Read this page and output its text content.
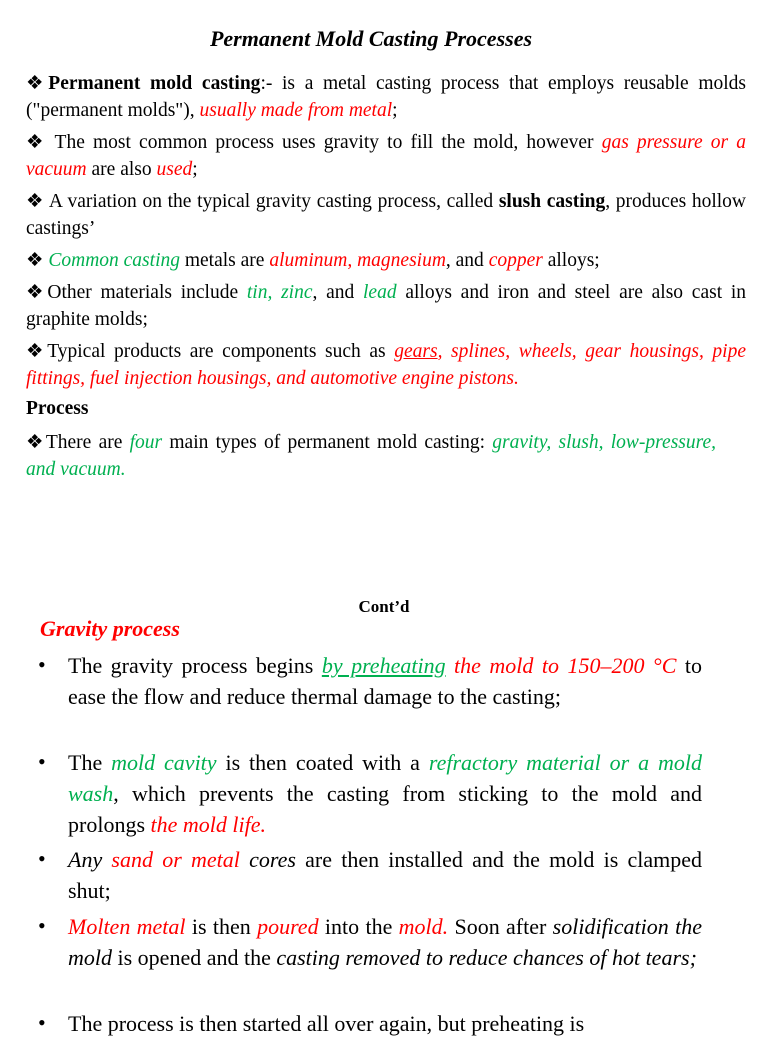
Permanent Mold Casting Processes
❖Permanent mold casting:- is a metal casting process that employs reusable molds ("permanent molds"), usually made from metal;
❖ The most common process uses gravity to fill the mold, however gas pressure or a vacuum are also used;
❖ A variation on the typical gravity casting process, called slush casting, produces hollow castings’
❖ Common casting metals are aluminum, magnesium, and copper alloys;
❖Other materials include tin, zinc, and lead alloys and iron and steel are also cast in graphite molds;
❖Typical products are components such as gears, splines, wheels, gear housings, pipe fittings, fuel injection housings, and automotive engine pistons.
Process
❖There are four main types of permanent mold casting: gravity, slush, low-pressure, and vacuum.
Cont’d
Gravity process
• The gravity process begins by preheating the mold to 150–200 °C to ease the flow and reduce thermal damage to the casting;
• The mold cavity is then coated with a refractory material or a mold wash, which prevents the casting from sticking to the mold and prolongs the mold life.
• Any sand or metal cores are then installed and the mold is clamped shut;
• Molten metal is then poured into the mold. Soon after solidification the mold is opened and the casting removed to reduce chances of hot tears;
• The process is then started all over again, but preheating is
